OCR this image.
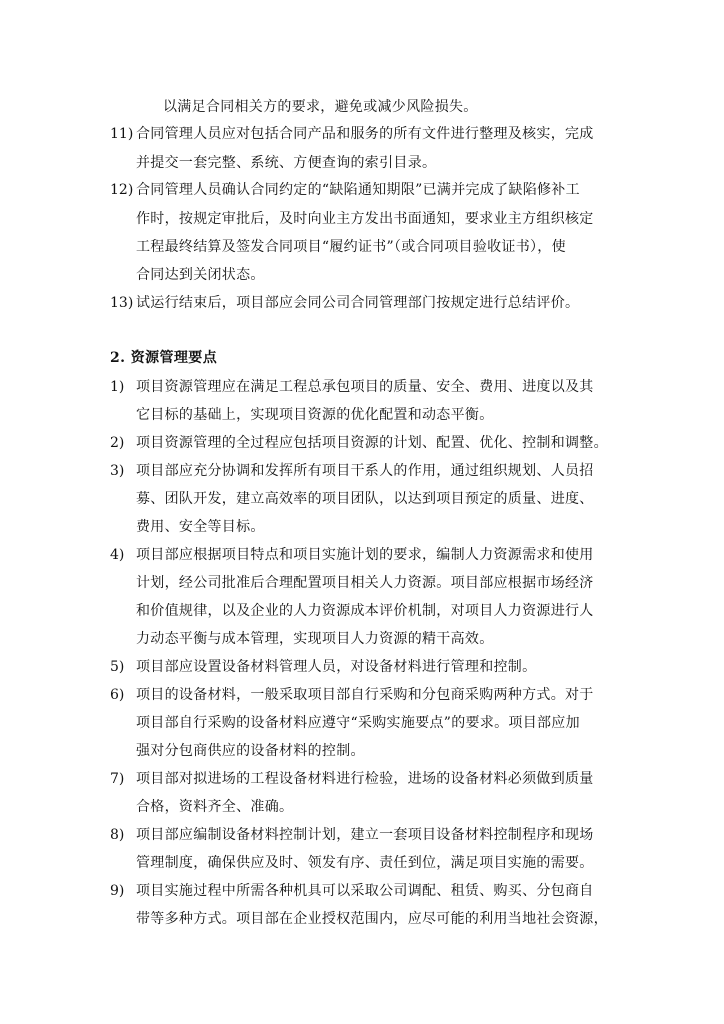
以满足合同相关方的要求，避免或减少风险损失。
11) 合同管理人员应对包括合同产品和服务的所有文件进行整理及核实，完成
并提交一套完整、系统、方便查询的索引目录。
12) 合同管理人员确认合同约定的“缺陷通知期限”已满并完成了缺陷修补工
作时，按规定审批后，及时向业主方发出书面通知，要求业主方组织核定
工程最终结算及签发合同项目“履约证书”（或合同项目验收证书），使
合同达到关闭状态。
13) 试运行结束后，项目部应会同公司合同管理部门按规定进行总结评价。
2. 资源管理要点
1) 项目资源管理应在满足工程总承包项目的质量、安全、费用、进度以及其
它目标的基础上，实现项目资源的优化配置和动态平衡。
2) 项目资源管理的全过程应包括项目资源的计划、配置、优化、控制和调整。
3) 项目部应充分协调和发挥所有项目干系人的作用，通过组织规划、人员招
募、团队开发，建立高效率的项目团队，以达到项目预定的质量、进度、
费用、安全等目标。
4) 项目部应根据项目特点和项目实施计划的要求，编制人力资源需求和使用
计划，经公司批准后合理配置项目相关人力资源。项目部应根据市场经济
和价值规律，以及企业的人力资源成本评价机制，对项目人力资源进行人
力动态平衡与成本管理，实现项目人力资源的精干高效。
5) 项目部应设置设备材料管理人员，对设备材料进行管理和控制。
6) 项目的设备材料，一般采取项目部自行采购和分包商采购两种方式。对于
项目部自行采购的设备材料应遵守“采购实施要点”的要求。项目部应加
强对分包商供应的设备材料的控制。
7) 项目部对拟进场的工程设备材料进行检验，进场的设备材料必须做到质量
合格，资料齐全、准确。
8) 项目部应编制设备材料控制计划，建立一套项目设备材料控制程序和现场
管理制度，确保供应及时、领发有序、责任到位，满足项目实施的需要。
9) 项目实施过程中所需各种机具可以采取公司调配、租赁、购买、分包商自
带等多种方式。项目部在企业授权范围内，应尽可能的利用当地社会资源，
